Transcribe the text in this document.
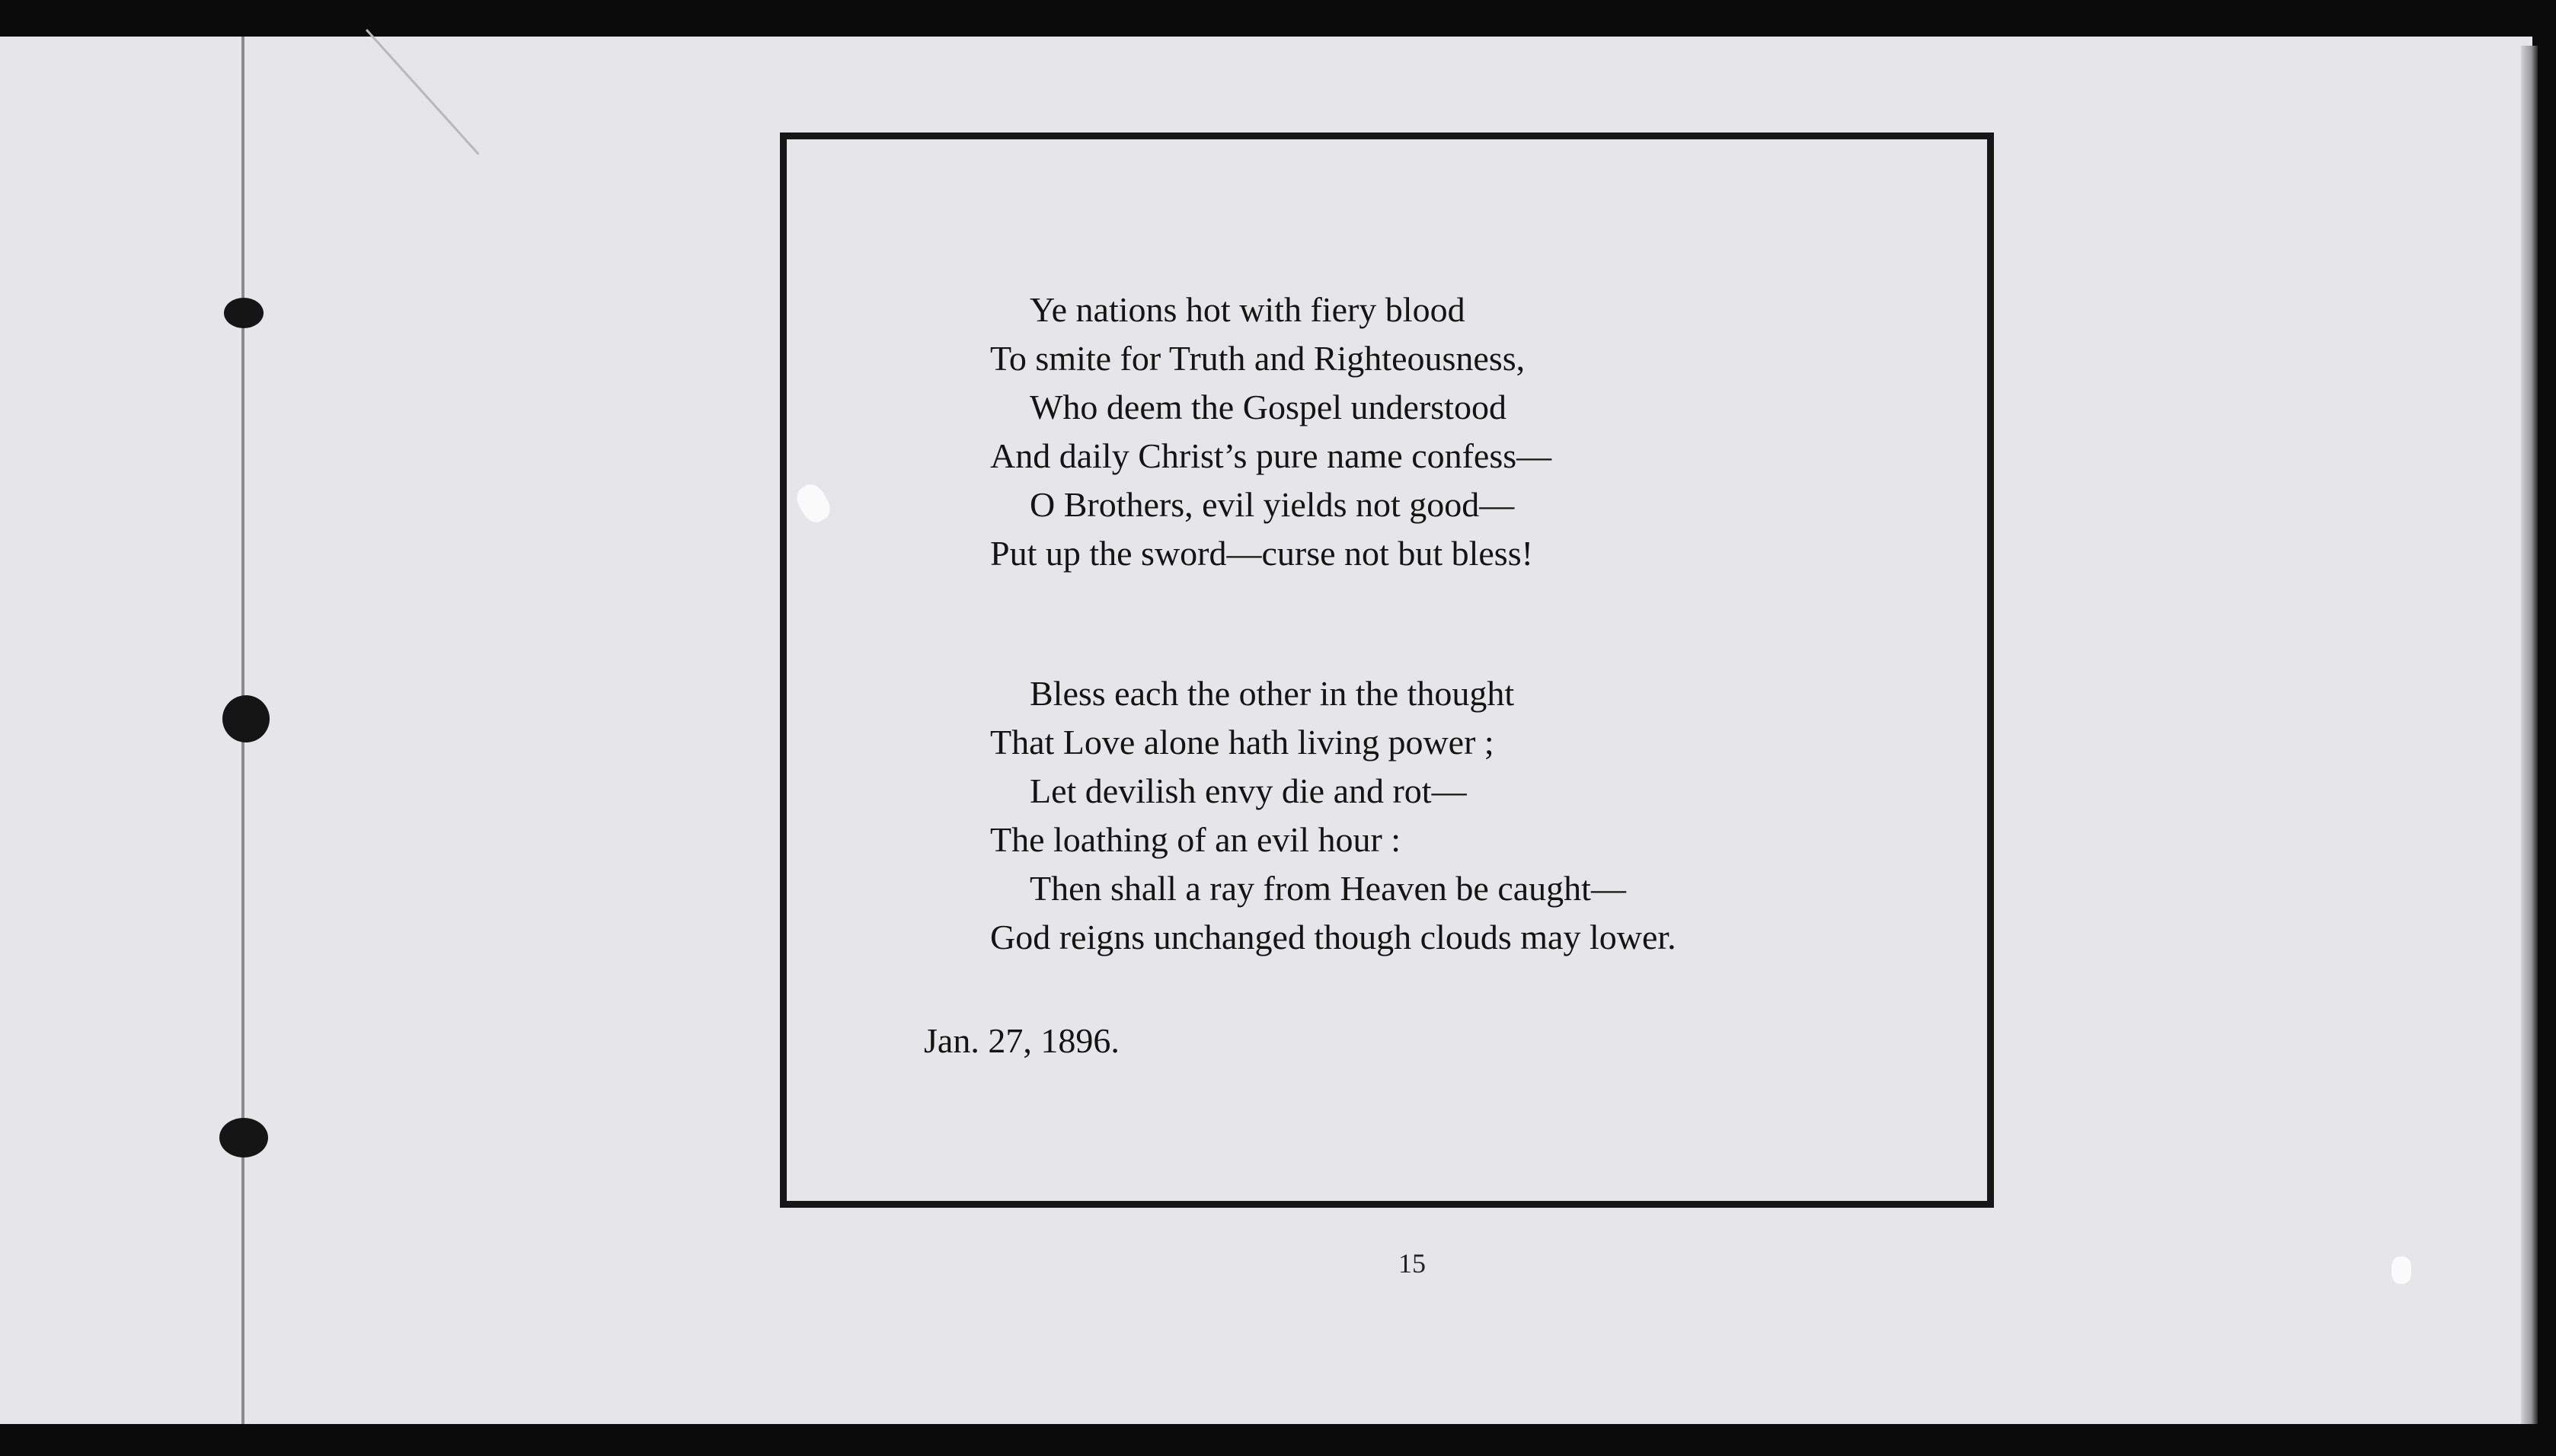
Ye nations hot with fiery blood
To smite for Truth and Righteousness,
Who deem the Gospel understood
And daily Christ’s pure name confess—
O Brothers, evil yields not good—
Put up the sword—curse not but bless!
Bless each the other in the thought
That Love alone hath living power ;
Let devilish envy die and rot—
The loathing of an evil hour :
Then shall a ray from Heaven be caught—
God reigns unchanged though clouds may lower.
Jan. 27, 1896.
15
